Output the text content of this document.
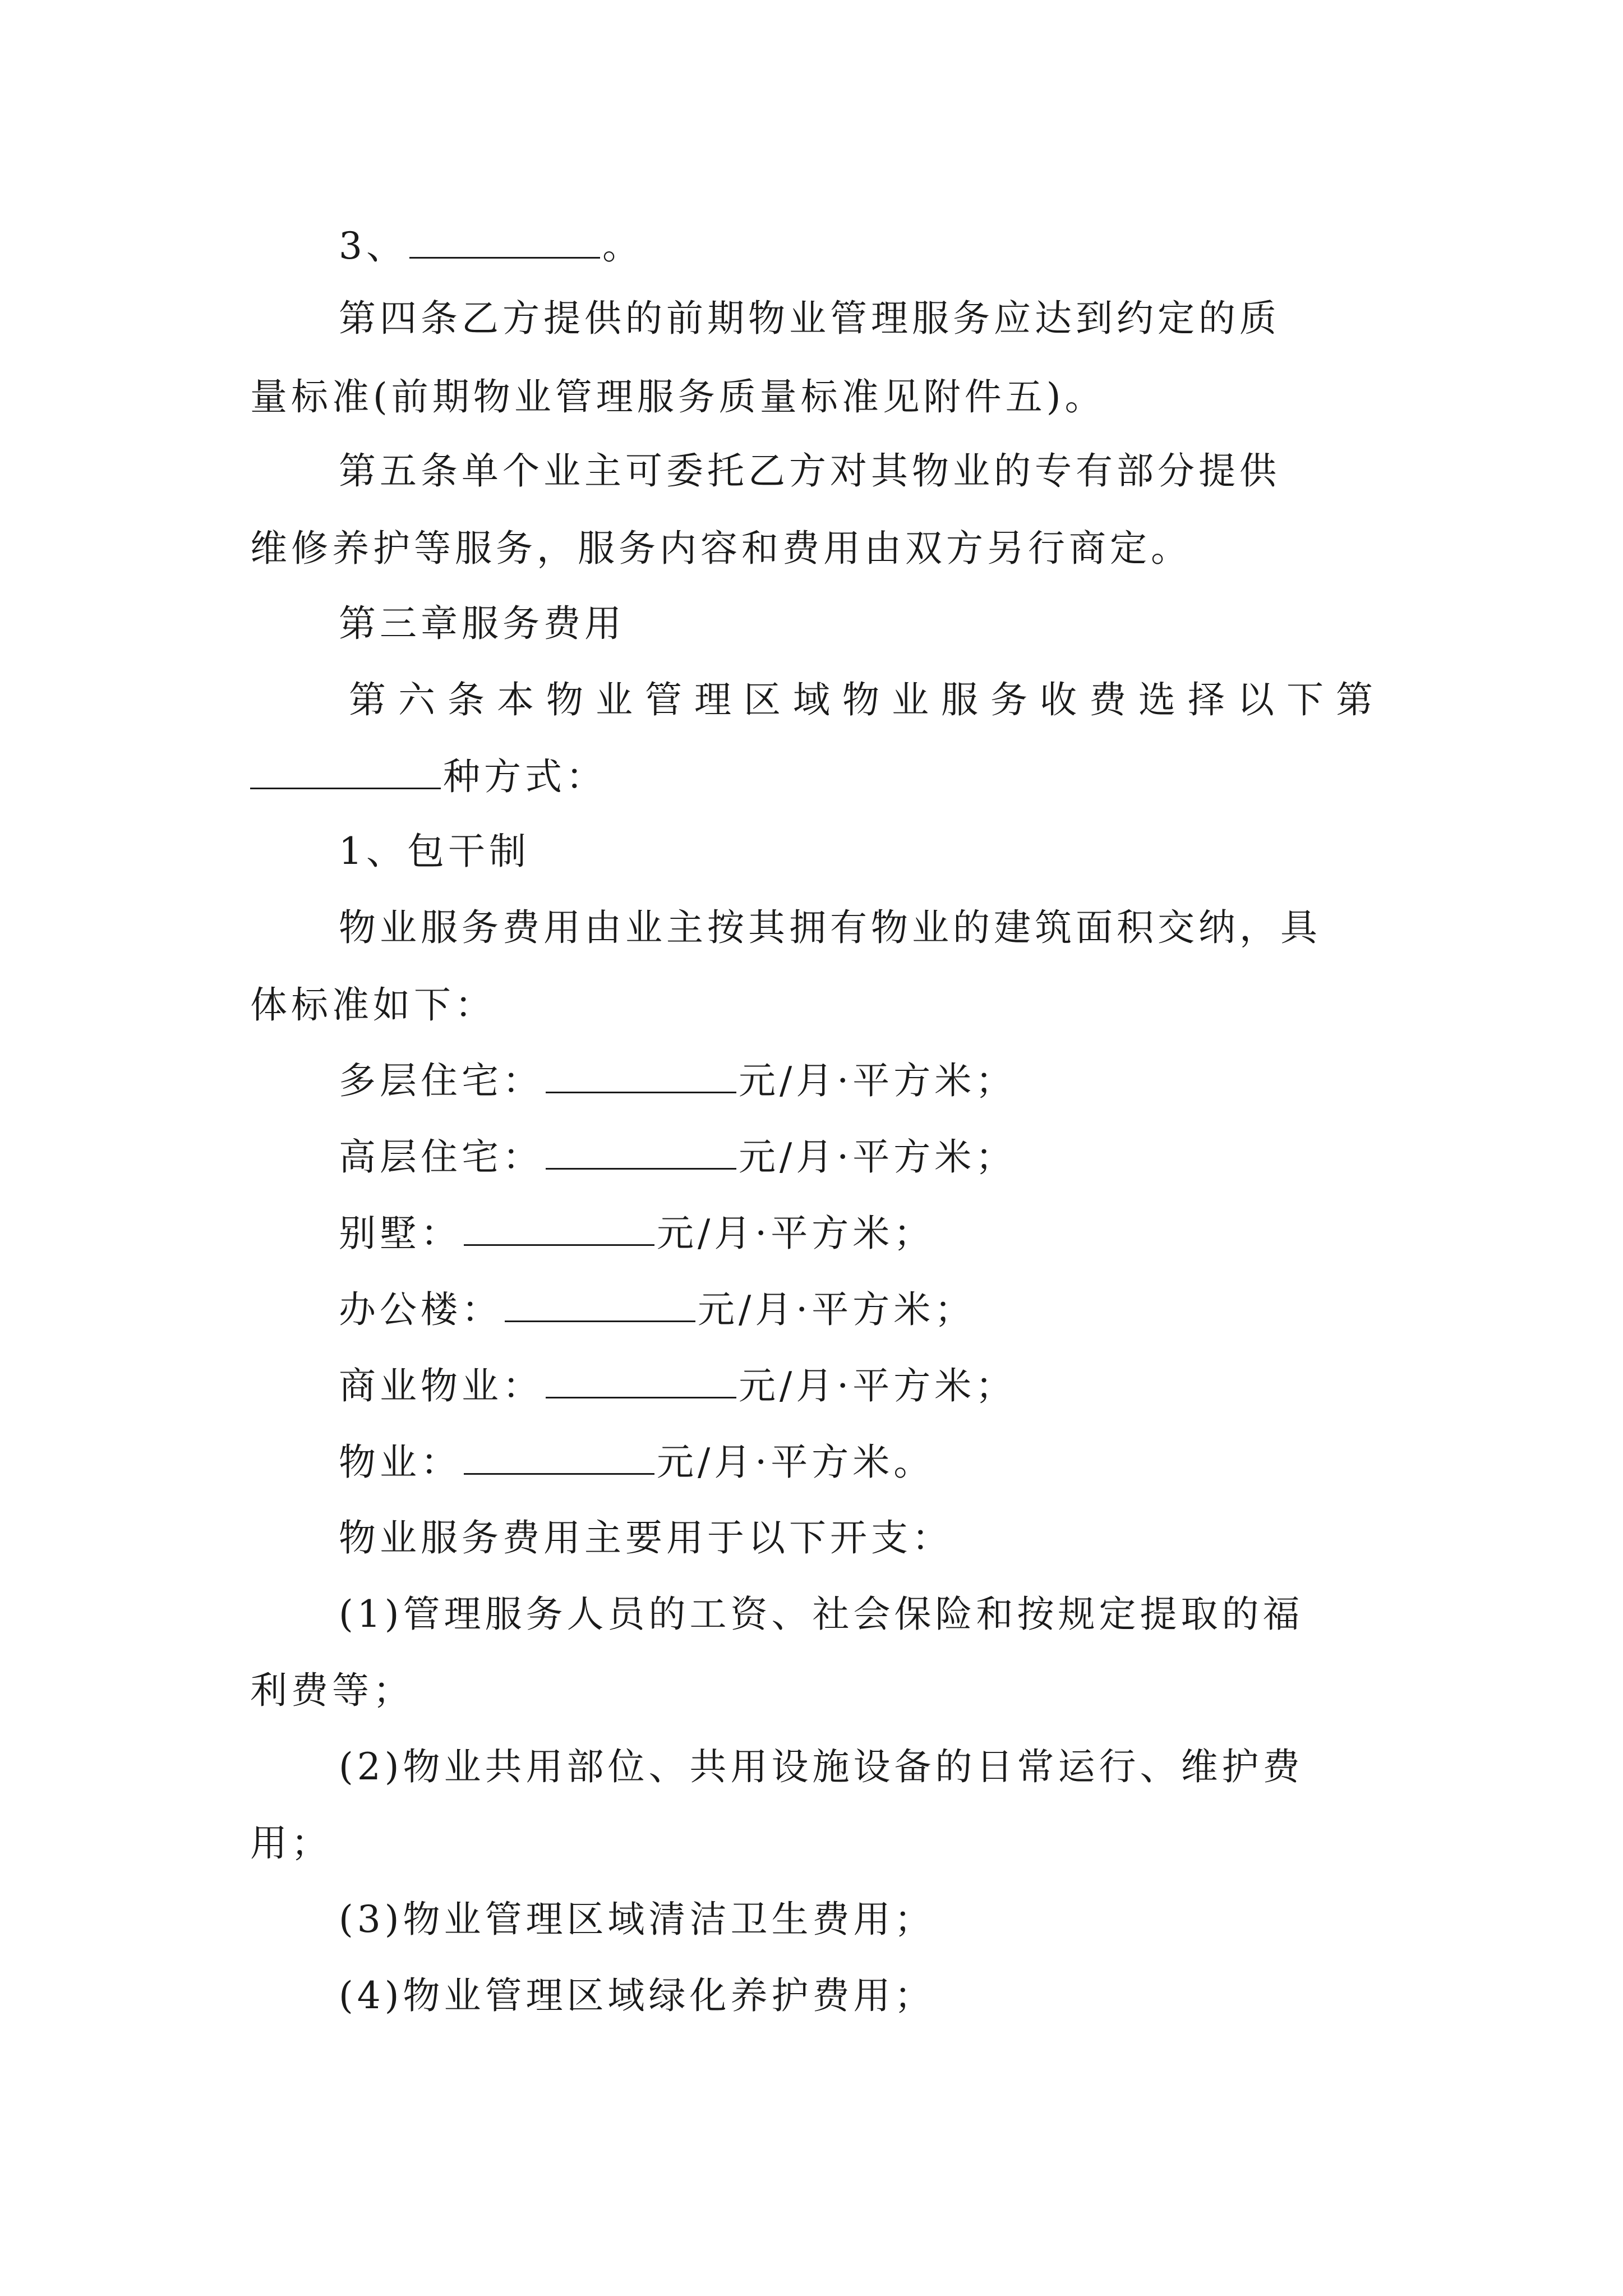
3、	。
第四条乙方提供的前期物业管理服务应达到约定的质
量标准(前期物业管理服务质量标准见附件五)。
第五条单个业主可委托乙方对其物业的专有部分提供
维修养护等服务，服务内容和费用由双方另行商定。
第三章服务费用
第六条本物业管理区域物业服务收费选择以下第
种方式：
1、包干制
物业服务费用由业主按其拥有物业的建筑面积交纳，具
体标准如下：
多层住宅：	元/月·平方米；
高层住宅：	元/月·平方米；
别墅：	元/月·平方米；
办公楼：	元/月·平方米；
商业物业：	元/月·平方米；
物业：	元/月·平方米。
物业服务费用主要用于以下开支：
(1)管理服务人员的工资、社会保险和按规定提取的福
利费等；
(2)物业共用部位、共用设施设备的日常运行、维护费
用；
(3)物业管理区域清洁卫生费用；
(4)物业管理区域绿化养护费用；
